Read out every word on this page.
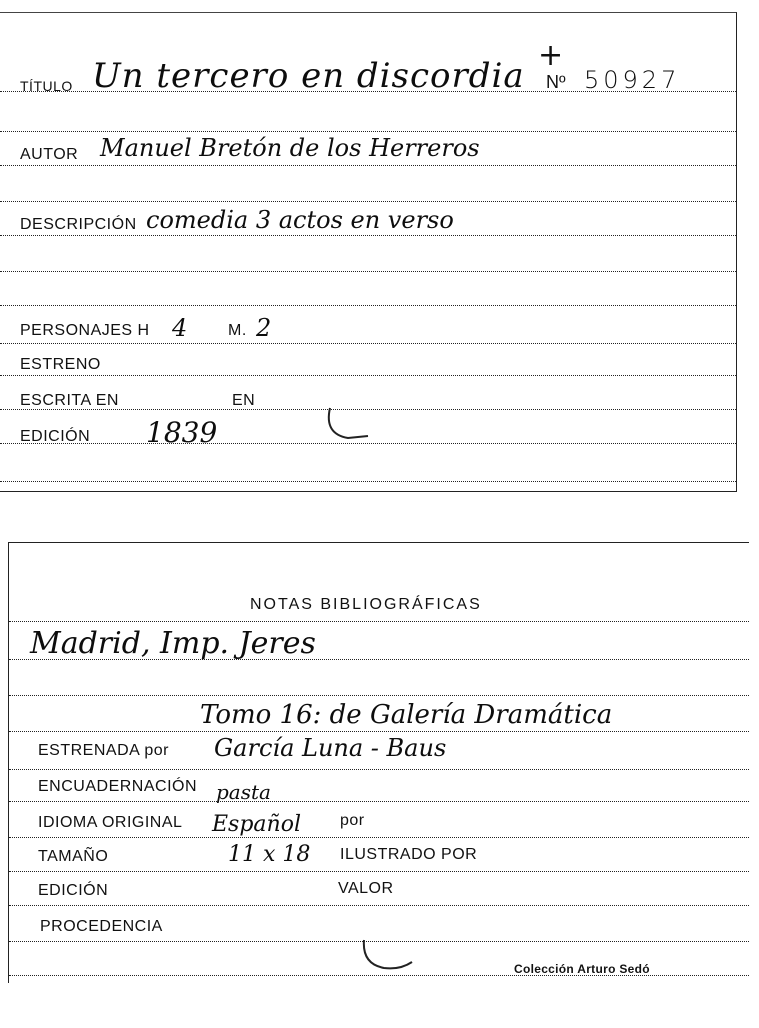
TÍTULO Un tercero en discordia
+
Nº 50927
AUTOR Manuel Bretón de los Herreros
DESCRIPCIÓN comedia 3 actos en verso
PERSONAJES H 4	M. 2
ESTRENO
ESCRITA EN	EN
EDICIÓN 1839
NOTAS BIBLIOGRÁFICAS
Madrid, Imp. Jeres
Tomo 16: de Galería Dramática
ESTRENADA por García Luna - Baus
ENCUADERNACIÓN pasta
IDIOMA ORIGINAL Español por
TAMAÑO	11 x 18 ILUSTRADO POR
EDICIÓN	VALOR
PROCEDENCIA
Colección Arturo Sedó
